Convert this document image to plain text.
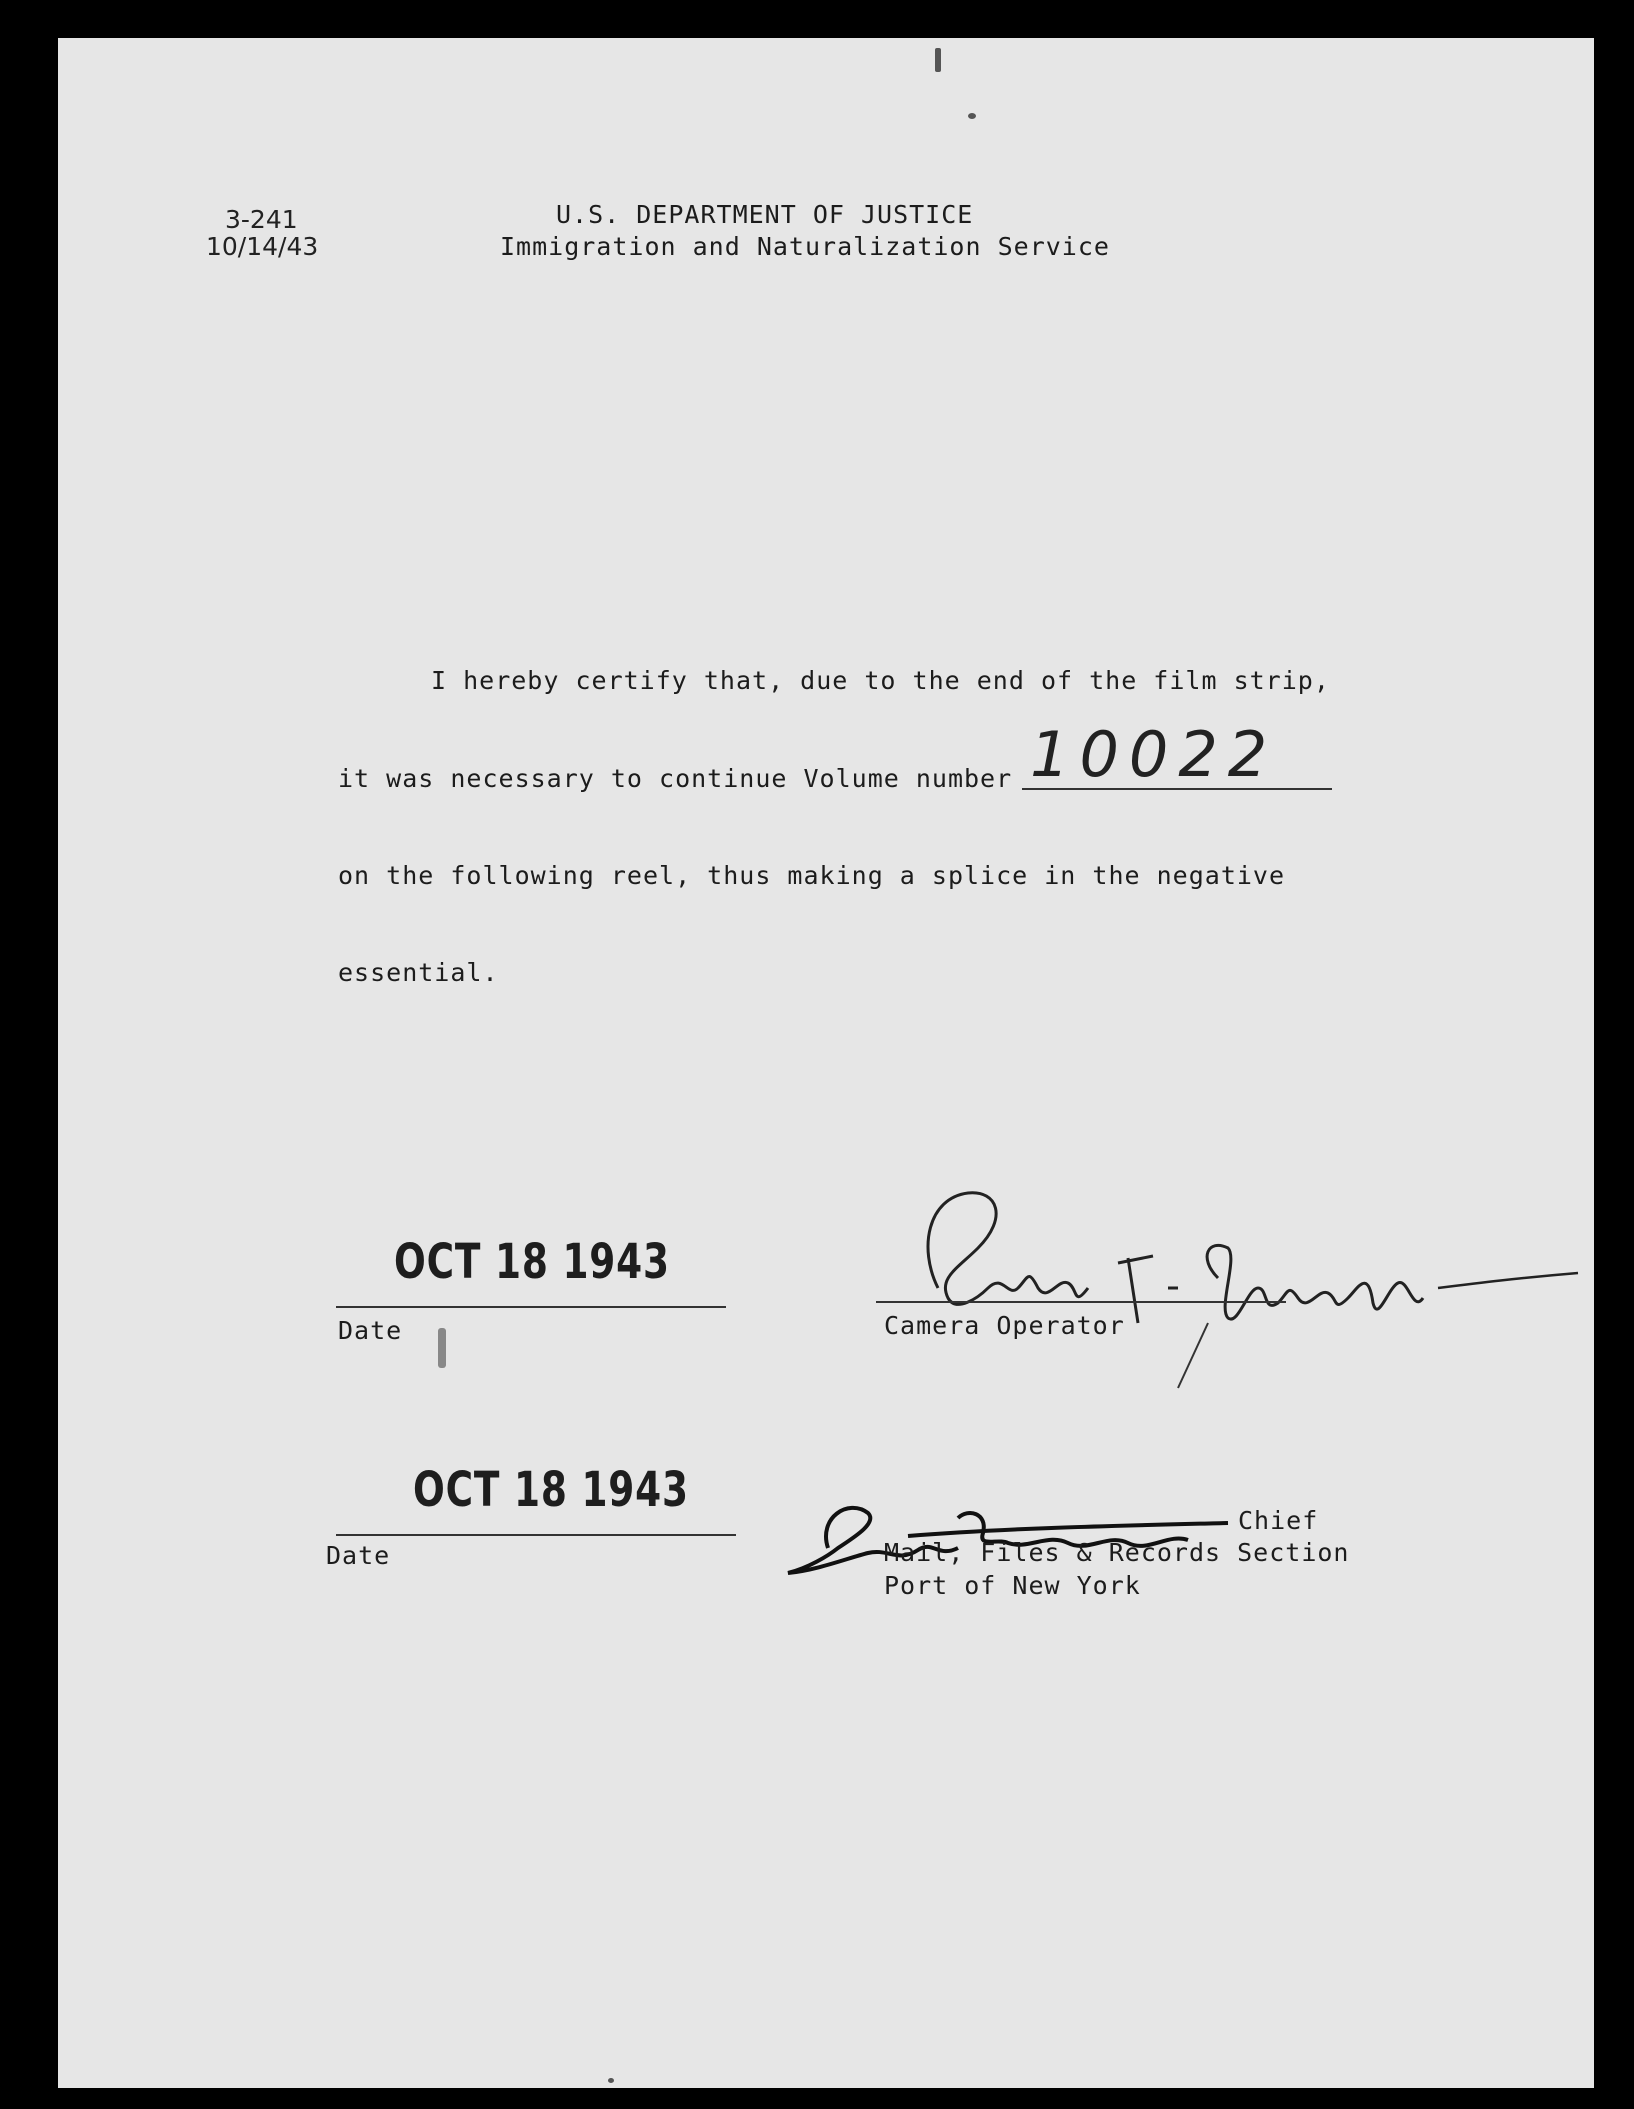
3-241
10/14/43
U.S. DEPARTMENT OF JUSTICE
Immigration and Naturalization Service
I hereby certify that, due to the end of the film strip,
it was necessary to continue Volume number 10022
on the following reel, thus making a splice in the negative
essential.
OCT 18 1943
Date	Camera Operator
OCT 18 1943
Date
Chief
Mail, Files & Records Section
Port of New York
